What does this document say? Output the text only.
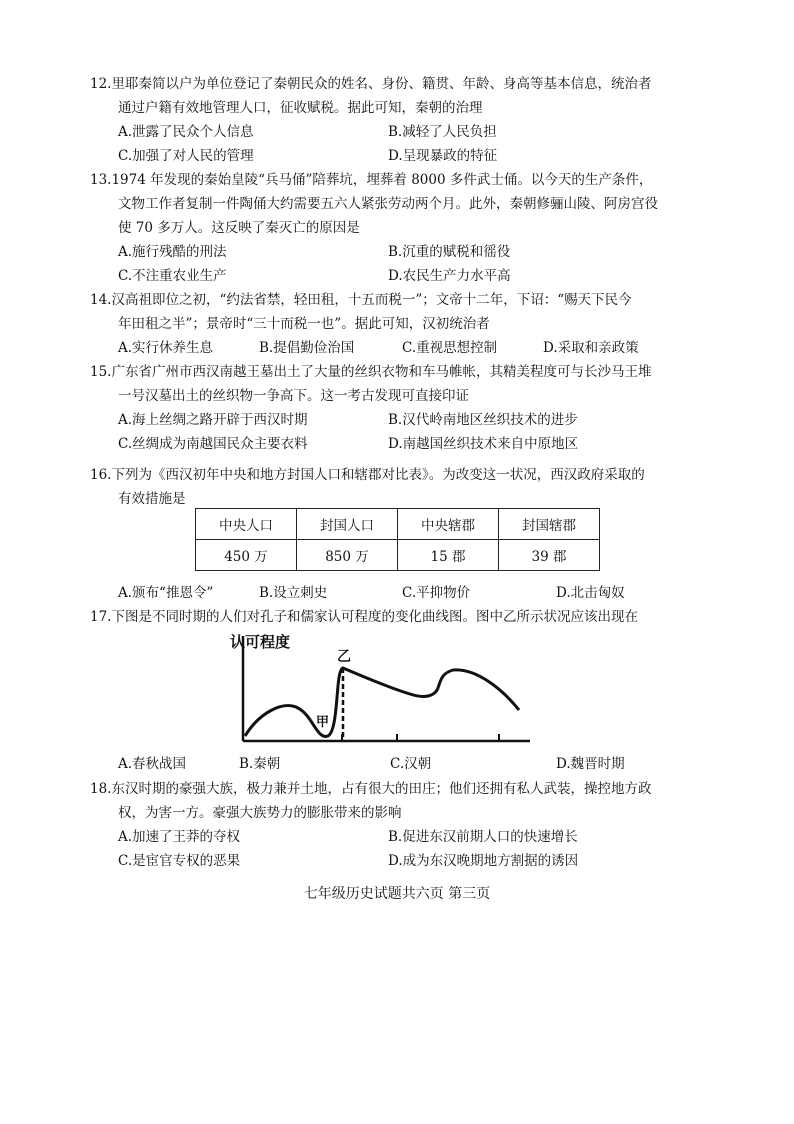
12.里耶秦简以户为单位登记了秦朝民众的姓名、身份、籍贯、年龄、身高等基本信息，统治者
通过户籍有效地管理人口，征收赋税。据此可知，秦朝的治理
A.泄露了民众个人信息	B.减轻了人民负担
C.加强了对人民的管理	D.呈现暴政的特征
13.1974 年发现的秦始皇陵“兵马俑”陪葬坑，埋葬着 8000 多件武士俑。以今天的生产条件，
文物工作者复制一件陶俑大约需要五六人紧张劳动两个月。此外，秦朝修骊山陵、阿房宫役
使 70 多万人。这反映了秦灭亡的原因是
A.施行残酷的刑法	B.沉重的赋税和徭役
C.不注重农业生产	D.农民生产力水平高
14.汉高祖即位之初，“约法省禁，轻田租，十五而税一”；文帝十二年，下诏：“赐天下民今
年田租之半”；景帝时“三十而税一也”。据此可知，汉初统治者
A.实行休养生息	B.提倡勤俭治国	C.重视思想控制	D.采取和亲政策
15.广东省广州市西汉南越王墓出土了大量的丝织衣物和车马帷帐，其精美程度可与长沙马王堆
一号汉墓出土的丝织物一争高下。这一考古发现可直接印证
A.海上丝绸之路开辟于西汉时期	B.汉代岭南地区丝织技术的进步
C.丝绸成为南越国民众主要衣料	D.南越国丝织技术来自中原地区
16.下列为《西汉初年中央和地方封国人口和辖郡对比表》。为改变这一状况，西汉政府采取的
有效措施是
中央人口	封国人口	中央辖郡	封国辖郡
450 万	850 万	15 郡	39 郡
A.颁布“推恩令”	B.设立刺史	C.平抑物价	D.北击匈奴
17.下图是不同时期的人们对孔子和儒家认可程度的变化曲线图。图中乙所示状况应该出现在
认可程度
甲
乙
A.春秋战国	B.秦朝	C.汉朝	D.魏晋时期
18.东汉时期的豪强大族，极力兼并土地，占有很大的田庄；他们还拥有私人武装，操控地方政
权，为害一方。豪强大族势力的膨胀带来的影响
A.加速了王莽的夺权	B.促进东汉前期人口的快速增长
C.是宦官专权的恶果	D.成为东汉晚期地方割据的诱因
七年级历史试题共六页 第三页
